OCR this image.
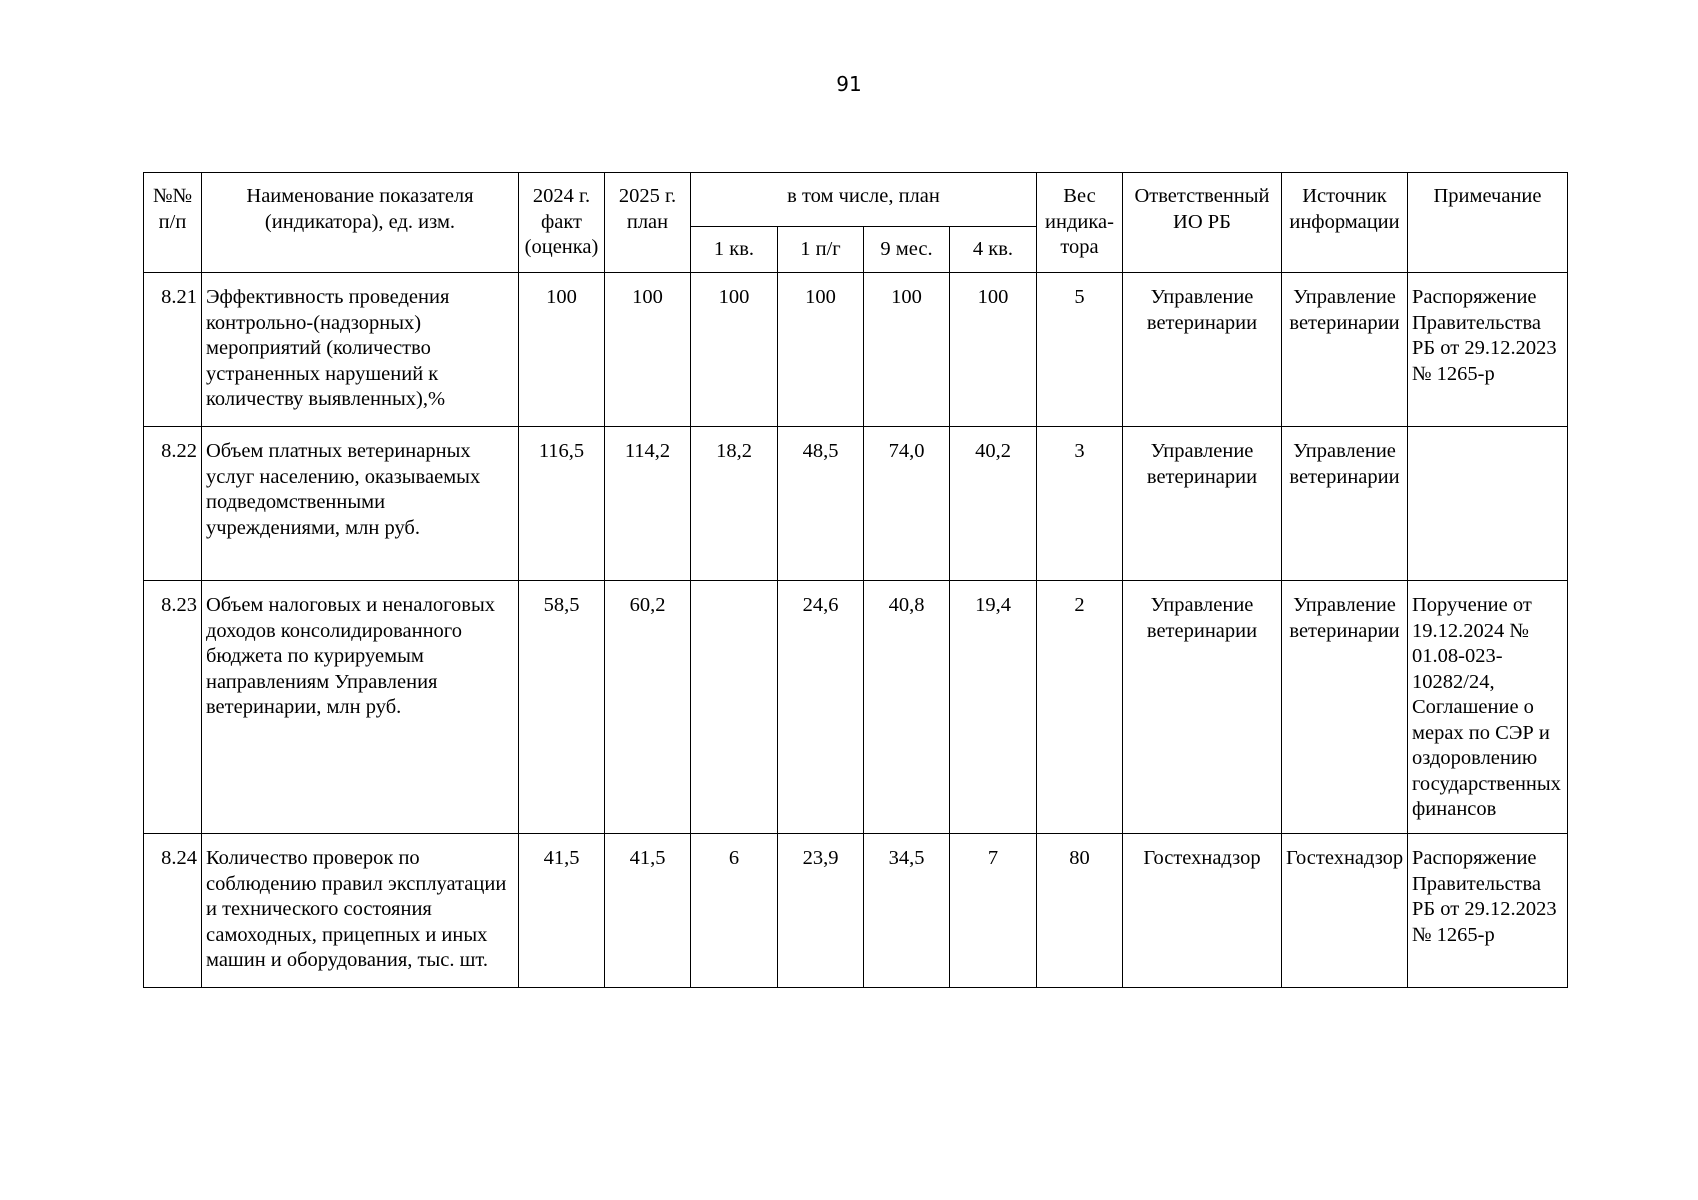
91
№№ п/п	Наименование показателя (индикатора), ед. изм.	2024 г. факт (оценка)	2025 г. план	в том числе, план				Вес индика-тора	Ответственный ИО РБ	Источник информации	Примечание
				1 кв.	1 п/г	9 мес.	4 кв.				
8.21	Эффективность проведения контрольно-(надзорных) мероприятий (количество устраненных нарушений к количеству выявленных),%	100	100	100	100	100	100	5	Управление ветеринарии	Управление ветеринарии	Распоряжение Правительства РБ от 29.12.2023 № 1265-р
8.22	Объем платных ветеринарных услуг населению, оказываемых подведомственными учреждениями, млн руб.	116,5	114,2	18,2	48,5	74,0	40,2	3	Управление ветеринарии	Управление ветеринарии	
8.23	Объем налоговых и неналоговых доходов консолидированного бюджета по курируемым направлениям Управления ветеринарии, млн руб.	58,5	60,2		24,6	40,8	19,4	2	Управление ветеринарии	Управление ветеринарии	Поручение от 19.12.2024 № 01.08-023-10282/24, Соглашение о мерах по СЭР и оздоровлению государственных финансов
8.24	Количество проверок по соблюдению правил эксплуатации и технического состояния самоходных, прицепных и иных машин и оборудования, тыс. шт.	41,5	41,5	6	23,9	34,5	7	80	Гостехнадзор	Гостехнадзор	Распоряжение Правительства РБ от 29.12.2023 № 1265-р
